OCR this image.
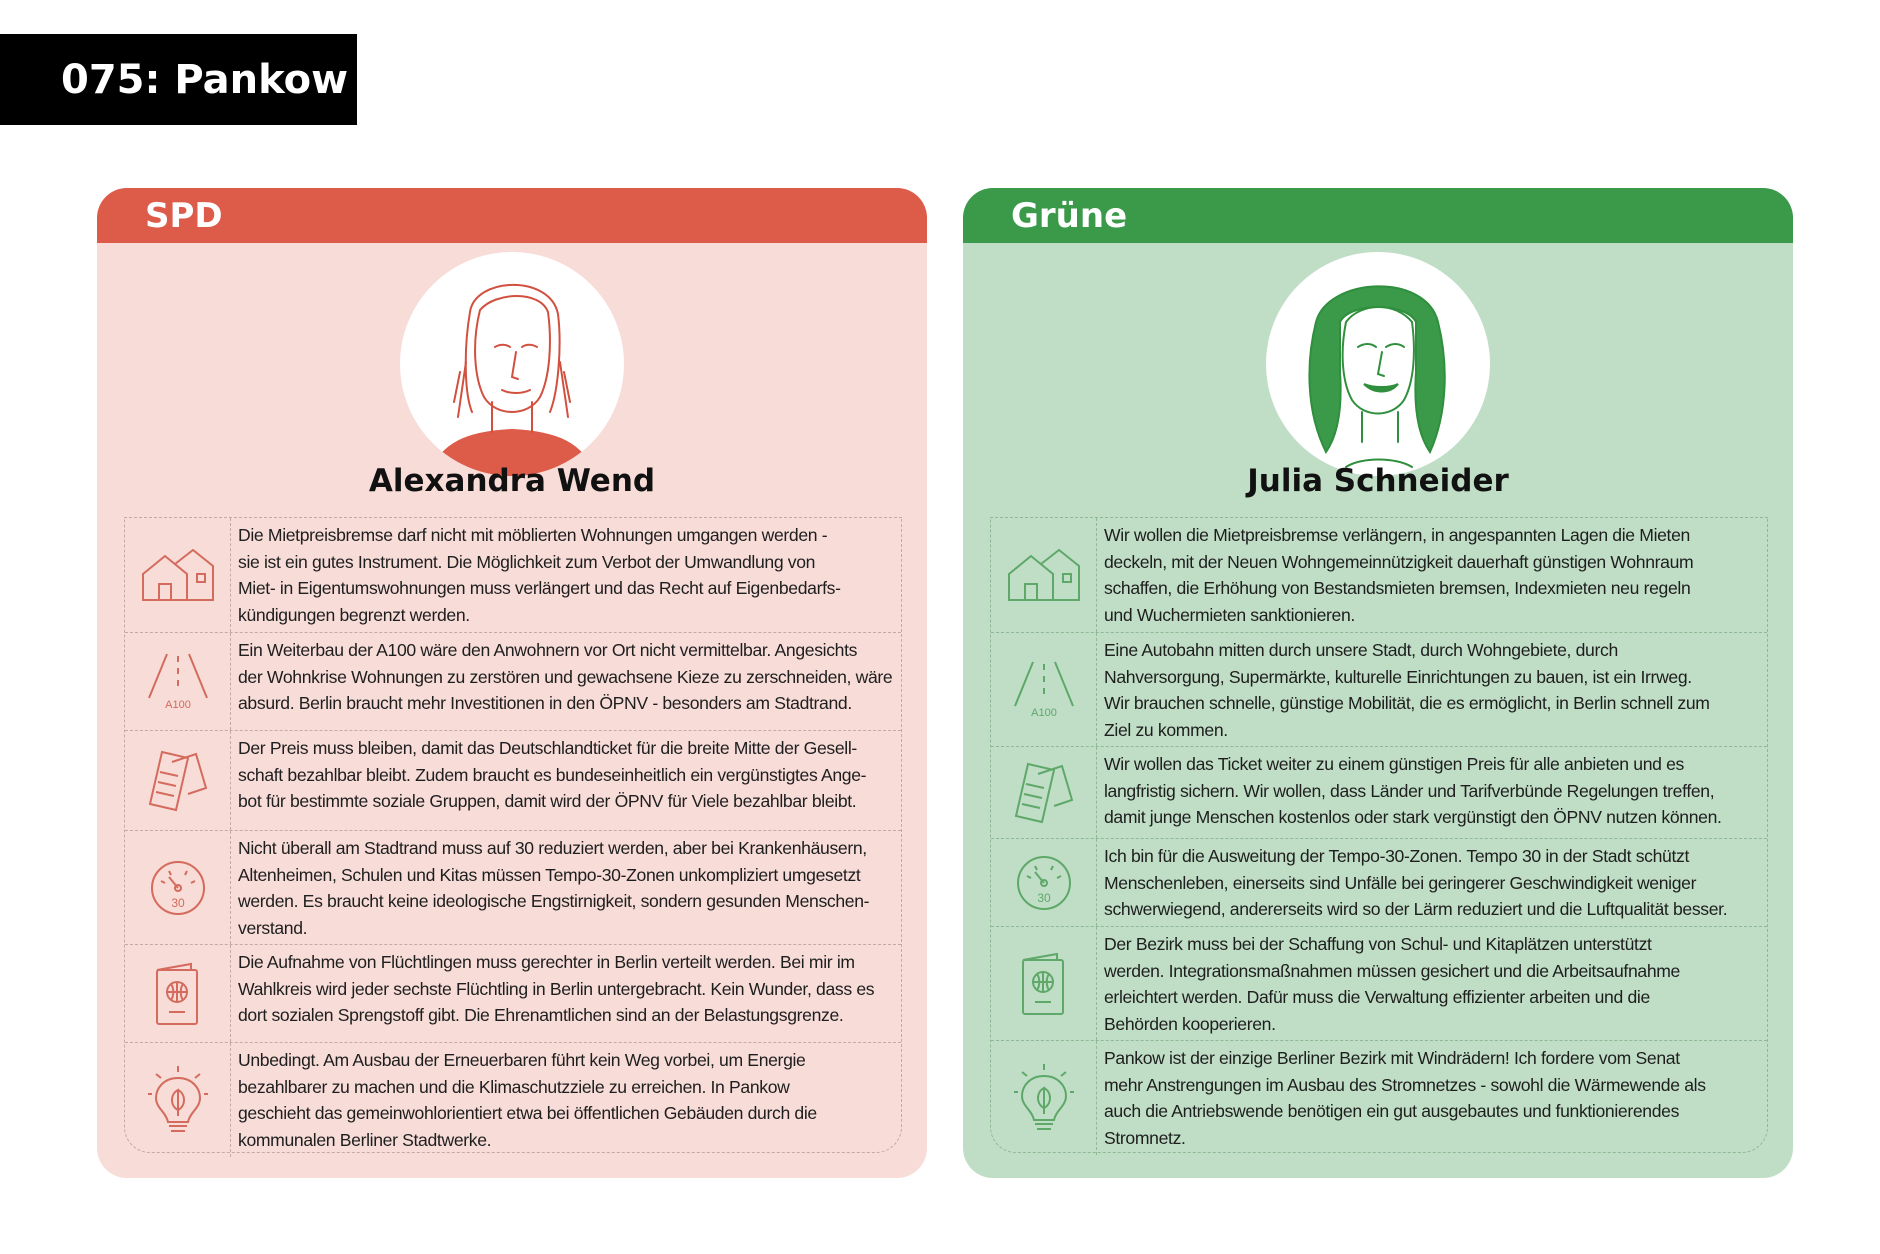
075: Pankow
SPD
Alexandra Wend
Die Mietpreisbremse darf nicht mit möblierten Wohnungen umgangen werden -
sie ist ein gutes Instrument. Die Möglichkeit zum Verbot der Umwandlung von
Miet- in Eigentumswohnungen muss verlängert und das Recht auf Eigenbedarfs-
kündigungen begrenzt werden.
A100
Ein Weiterbau der A100 wäre den Anwohnern vor Ort nicht vermittelbar. Angesichts
der Wohnkrise Wohnungen zu zerstören und gewachsene Kieze zu zerschneiden, wäre
absurd. Berlin braucht mehr Investitionen in den ÖPNV - besonders am Stadtrand.
Der Preis muss bleiben, damit das Deutschlandticket für die breite Mitte der Gesell-
schaft bezahlbar bleibt. Zudem braucht es bundeseinheitlich ein vergünstigtes Ange-
bot für bestimmte soziale Gruppen, damit wird der ÖPNV für Viele bezahlbar bleibt.
30
Nicht überall am Stadtrand muss auf 30 reduziert werden, aber bei Krankenhäusern,
Altenheimen, Schulen und Kitas müssen Tempo-30-Zonen unkompliziert umgesetzt
werden. Es braucht keine ideologische Engstirnigkeit, sondern gesunden Menschen-
verstand.
Die Aufnahme von Flüchtlingen muss gerechter in Berlin verteilt werden. Bei mir im
Wahlkreis wird jeder sechste Flüchtling in Berlin untergebracht. Kein Wunder, dass es
dort sozialen Sprengstoff gibt. Die Ehrenamtlichen sind an der Belastungsgrenze.
Unbedingt. Am Ausbau der Erneuerbaren führt kein Weg vorbei, um Energie
bezahlbarer zu machen und die Klimaschutzziele zu erreichen. In Pankow
geschieht das gemeinwohlorientiert etwa bei öffentlichen Gebäuden durch die
kommunalen Berliner Stadtwerke.
Grüne
Julia Schneider
Wir wollen die Mietpreisbremse verlängern, in angespannten Lagen die Mieten
deckeln, mit der Neuen Wohngemeinnützigkeit dauerhaft günstigen Wohnraum
schaffen, die Erhöhung von Bestandsmieten bremsen, Indexmieten neu regeln
und Wuchermieten sanktionieren.
A100
Eine Autobahn mitten durch unsere Stadt, durch Wohngebiete, durch
Nahversorgung, Supermärkte, kulturelle Einrichtungen zu bauen, ist ein Irrweg.
Wir brauchen schnelle, günstige Mobilität, die es ermöglicht, in Berlin schnell zum
Ziel zu kommen.
Wir wollen das Ticket weiter zu einem günstigen Preis für alle anbieten und es
langfristig sichern. Wir wollen, dass Länder und Tarifverbünde Regelungen treffen,
damit junge Menschen kostenlos oder stark vergünstigt den ÖPNV nutzen können.
30
Ich bin für die Ausweitung der Tempo-30-Zonen. Tempo 30 in der Stadt schützt
Menschenleben, einerseits sind Unfälle bei geringerer Geschwindigkeit weniger
schwerwiegend, andererseits wird so der Lärm reduziert und die Luftqualität besser.
Der Bezirk muss bei der Schaffung von Schul- und Kitaplätzen unterstützt
werden. Integrationsmaßnahmen müssen gesichert und die Arbeitsaufnahme
erleichtert werden. Dafür muss die Verwaltung effizienter arbeiten und die
Behörden kooperieren.
Pankow ist der einzige Berliner Bezirk mit Windrädern! Ich fordere vom Senat
mehr Anstrengungen im Ausbau des Stromnetzes - sowohl die Wärmewende als
auch die Antriebswende benötigen ein gut ausgebautes und funktionierendes
Stromnetz.
